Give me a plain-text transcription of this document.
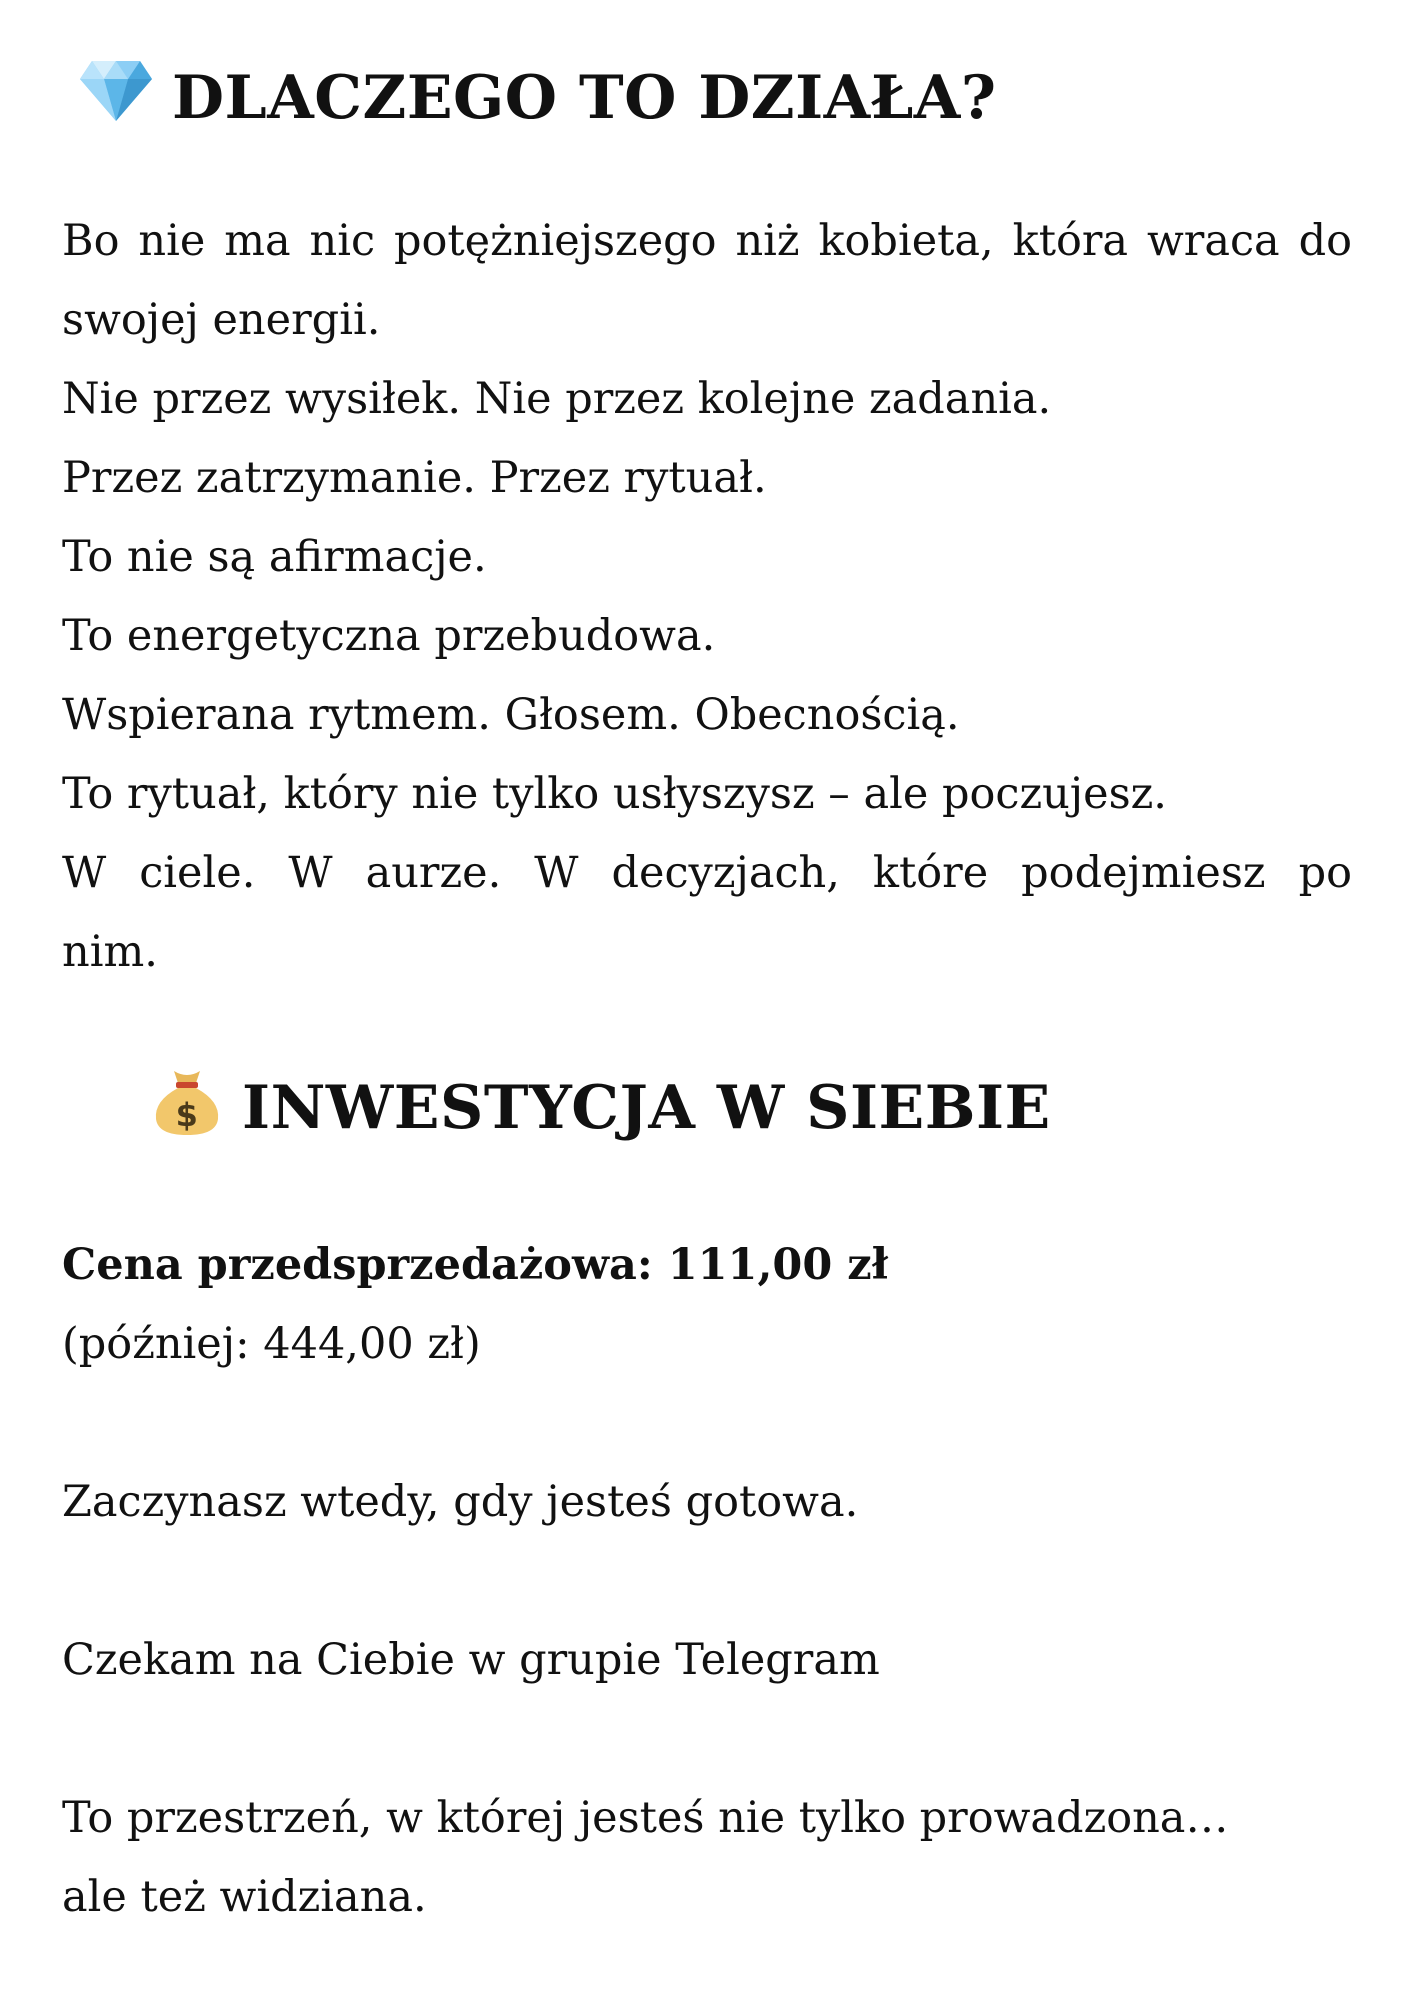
DLACZEGO TO DZIAŁA?
Bo nie ma nic potężniejszego niż kobieta, która wraca do
swojej energii.
Nie przez wysiłek. Nie przez kolejne zadania.
Przez zatrzymanie. Przez rytuał.
To nie są afirmacje.
To energetyczna przebudowa.
Wspierana rytmem. Głosem. Obecnością.
To rytuał, który nie tylko usłyszysz – ale poczujesz.
W ciele. W aurze. W decyzjach, które podejmiesz po
nim.
$ INWESTYCJA W SIEBIE
Cena przedsprzedażowa: 111,00 zł
(później: 444,00 zł)
Zaczynasz wtedy, gdy jesteś gotowa.
Czekam na Ciebie w grupie Telegram
To przestrzeń, w której jesteś nie tylko prowadzona…
ale też widziana.
